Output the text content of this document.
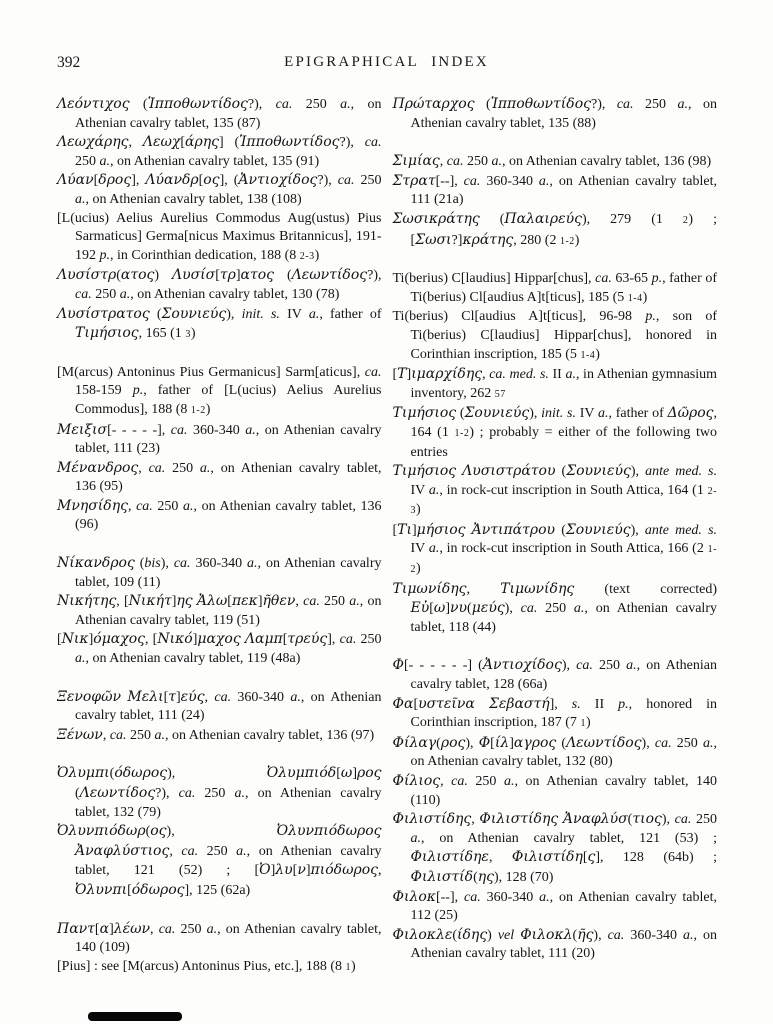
392	EPIGRAPHICAL INDEX
Λεόντιχος (Ἱπποθωντίδος?), ca. 250 a., on Athenian cavalry tablet, 135 (87)
Λεωχάρης, Λεωχ[άρης] (Ἱπποθωντίδος?), ca. 250 a., on Athenian cavalry tablet, 135 (91)
Λύαν[δρος], Λύανδρ[ος], (Ἀντιοχίδος?), ca. 250 a., on Athenian cavalry tablet, 138 (108)
[L(ucius) Aelius Aurelius Commodus Aug(ustus) Pius Sarmaticus] Germa[nicus Maximus Britannicus], 191-192 p., in Corinthian dedication, 188 (8 2-3)
Λυσίστρ(ατος) Λυσίσ[τρ]ατος (Λεωντίδος?), ca. 250 a., on Athenian cavalry tablet, 130 (78)
Λυσίστρατος (Σουνιεύς), init. s. IV a., father of Τιμήσιος, 165 (1 3)
[M(arcus) Antoninus Pius Germanicus] Sarm[aticus], ca. 158-159 p., father of [L(ucius) Aelius Aurelius Commodus], 188 (8 1-2)
Μειξισ[- - - - -], ca. 360-340 a., on Athenian cavalry tablet, 111 (23)
Μένανδρος, ca. 250 a., on Athenian cavalry tablet, 136 (95)
Μνησίδης, ca. 250 a., on Athenian cavalry tablet, 136 (96)
Νίκανδρος (bis), ca. 360-340 a., on Athenian cavalry tablet, 109 (11)
Νικήτης, [Νικήτ]ης Ἀλω[πεκ]ῆθεν, ca. 250 a., on Athenian cavalry tablet, 119 (51)
[Νικ]όμαχος, [Νικό]μαχος Λαμπ[τρεύς], ca. 250 a., on Athenian cavalry tablet, 119 (48a)
Ξενοφῶν Μελι[τ]εύς, ca. 360-340 a., on Athenian cavalry tablet, 111 (24)
Ξένων, ca. 250 a., on Athenian cavalry tablet, 136 (97)
Ὀλυμπι(όδωρος), Ὀλυμπιόδ[ω]ρος (Λεωντίδος?), ca. 250 a., on Athenian cavalry tablet, 132 (79)
Ὀλυνπιόδωρ(ος), Ὀλυνπιόδωρος Ἀναφλύστιος, ca. 250 a., on Athenian cavalry tablet, 121 (52) ; [Ὀ]λυ[ν]πιόδωρος, Ὀλυνπι[όδωρος], 125 (62a)
Παντ[α]λέων, ca. 250 a., on Athenian cavalry tablet, 140 (109)
[Pius] : see [M(arcus) Antoninus Pius, etc.], 188 (8 1)
Πρώταρχος (Ἱπποθωντίδος?), ca. 250 a., on Athenian cavalry tablet, 135 (88)
Σιμίας, ca. 250 a., on Athenian cavalry tablet, 136 (98)
Στρατ[--], ca. 360-340 a., on Athenian cavalry tablet, 111 (21a)
Σωσικράτης (Παλαιρεύς), 279 (1 2) ; [Σωσι?]κράτης, 280 (2 1-2)
Ti(berius) C[laudius] Hippar[chus], ca. 63-65 p., father of Ti(berius) Cl[audius A]t[ticus], 185 (5 1-4)
Ti(berius) Cl[audius A]t[ticus], 96-98 p., son of Ti(berius) C[laudius] Hippar[chus], honored in Corinthian inscription, 185 (5 1-4)
[Τ]ιμαρχίδης, ca. med. s. II a., in Athenian gymnasium inventory, 262 57
Τιμήσιος (Σουνιεύς), init. s. IV a., father of Δῶρος, 164 (1 1-2) ; probably = either of the following two entries
Τιμήσιος Λυσιστράτου (Σουνιεύς), ante med. s. IV a., in rock-cut inscription in South Attica, 164 (1 2-3)
[Τι]μήσιος Ἀντιπάτρου (Σουνιεύς), ante med. s. IV a., in rock-cut inscription in South Attica, 166 (2 1-2)
Τιμωνίδης, Τιμωνίδης (text corrected) Εὐ[ω]νυ(μεύς), ca. 250 a., on Athenian cavalry tablet, 118 (44)
Φ[- - - - - -] (Ἀντιοχίδος), ca. 250 a., on Athenian cavalry tablet, 128 (66a)
Φα[υστεῖνα Σεβαστή], s. II p., honored in Corinthian inscription, 187 (7 1)
Φίλαγ(ρος), Φ[ίλ]αγρος (Λεωντίδος), ca. 250 a., on Athenian cavalry tablet, 132 (80)
Φίλιος, ca. 250 a., on Athenian cavalry tablet, 140 (110)
Φιλιστίδης, Φιλιστίδης Ἀναφλύσ(τιος), ca. 250 a., on Athenian cavalry tablet, 121 (53) ; Φιλιστίδηε, Φιλιστίδη[ς], 128 (64b) ; Φιλιστίδ(ης), 128 (70)
Φιλοκ[--], ca. 360-340 a., on Athenian cavalry tablet, 112 (25)
Φιλοκλε(ίδης) vel Φιλοκλ(ῆς), ca. 360-340 a., on Athenian cavalry tablet, 111 (20)
